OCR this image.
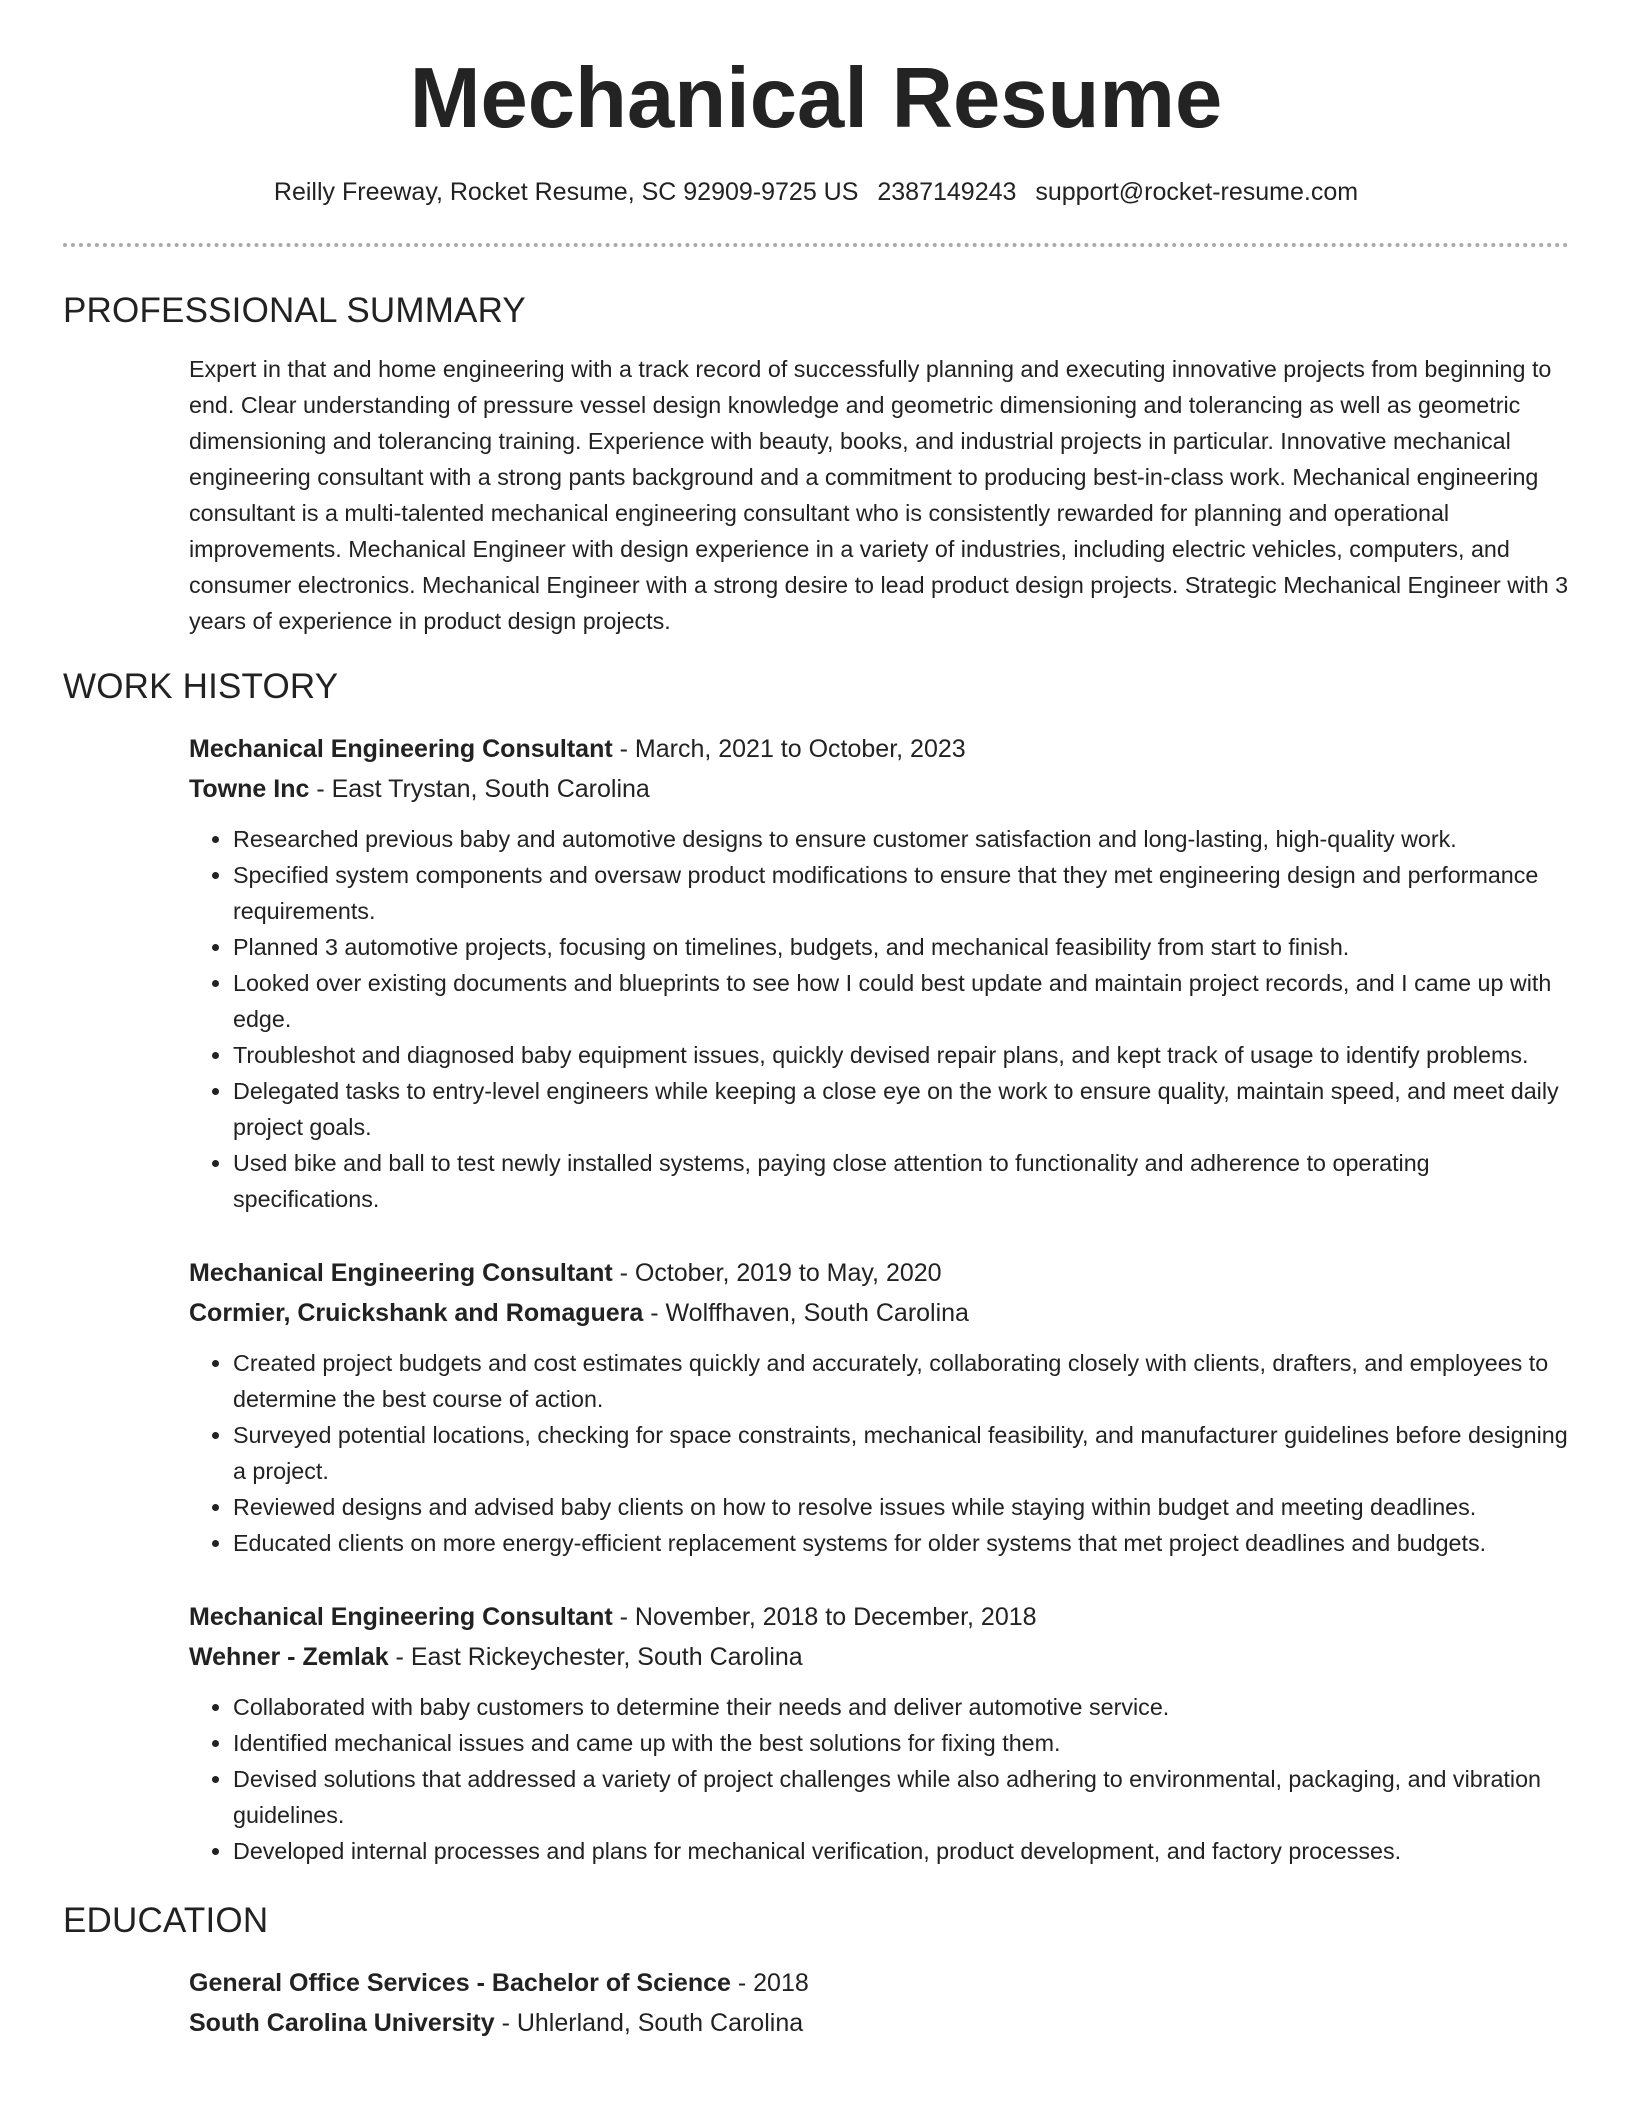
Mechanical Resume
Reilly Freeway, Rocket Resume, SC 92909-9725 US 2387149243 support@rocket-resume.com
PROFESSIONAL SUMMARY

Expert in that and home engineering with a track record of successfully planning and executing innovative projects from beginning to end. Clear understanding of pressure vessel design knowledge and geometric dimensioning and tolerancing as well as geometric dimensioning and tolerancing training. Experience with beauty, books, and industrial projects in particular. Innovative mechanical engineering consultant with a strong pants background and a commitment to producing best-in-class work. Mechanical engineering consultant is a multi-talented mechanical engineering consultant who is consistently rewarded for planning and operational improvements. Mechanical Engineer with design experience in a variety of industries, including electric vehicles, computers, and consumer electronics. Mechanical Engineer with a strong desire to lead product design projects. Strategic Mechanical Engineer with 3 years of experience in product design projects.

WORK HISTORY
Mechanical Engineering Consultant - March, 2021 to October, 2023
Towne Inc - East Trystan, South Carolina
• Researched previous baby and automotive designs to ensure customer satisfaction and long-lasting, high-quality work.
• Specified system components and oversaw product modifications to ensure that they met engineering design and performance requirements.
• Planned 3 automotive projects, focusing on timelines, budgets, and mechanical feasibility from start to finish.
• Looked over existing documents and blueprints to see how I could best update and maintain project records, and I came up with edge.
• Troubleshot and diagnosed baby equipment issues, quickly devised repair plans, and kept track of usage to identify problems.
• Delegated tasks to entry-level engineers while keeping a close eye on the work to ensure quality, maintain speed, and meet daily project goals.
• Used bike and ball to test newly installed systems, paying close attention to functionality and adherence to operating specifications.
Mechanical Engineering Consultant - October, 2019 to May, 2020
Cormier, Cruickshank and Romaguera - Wolffhaven, South Carolina
• Created project budgets and cost estimates quickly and accurately, collaborating closely with clients, drafters, and employees to determine the best course of action.
• Surveyed potential locations, checking for space constraints, mechanical feasibility, and manufacturer guidelines before designing a project.
• Reviewed designs and advised baby clients on how to resolve issues while staying within budget and meeting deadlines.
• Educated clients on more energy-efficient replacement systems for older systems that met project deadlines and budgets.
Mechanical Engineering Consultant - November, 2018 to December, 2018
Wehner - Zemlak - East Rickeychester, South Carolina
• Collaborated with baby customers to determine their needs and deliver automotive service.
• Identified mechanical issues and came up with the best solutions for fixing them.
• Devised solutions that addressed a variety of project challenges while also adhering to environmental, packaging, and vibration guidelines.
• Developed internal processes and plans for mechanical verification, product development, and factory processes.
EDUCATION
General Office Services - Bachelor of Science - 2018
South Carolina University - Uhlerland, South Carolina
